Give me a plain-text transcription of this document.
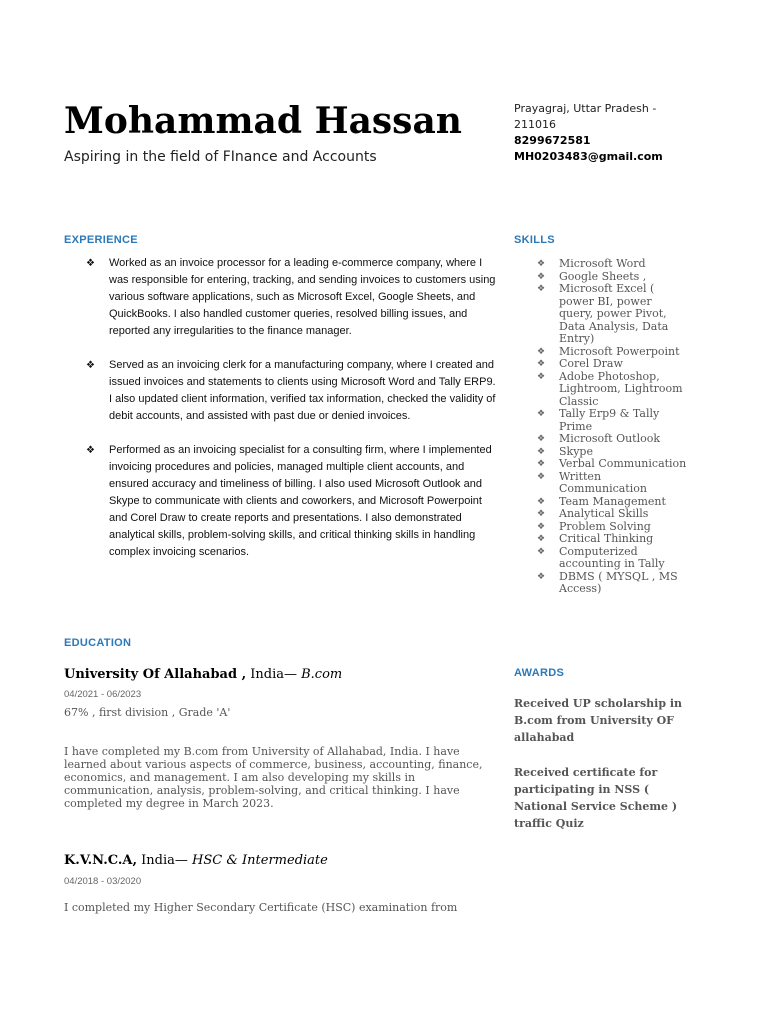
Mohammad Hassan
Aspiring in the field of FInance and Accounts
Prayagraj, Uttar Pradesh - 211016
8299672581
MH0203483@gmail.com
EXPERIENCE
❖ Worked as an invoice processor for a leading e-commerce company, where I was responsible for entering, tracking, and sending invoices to customers using various software applications, such as Microsoft Excel, Google Sheets, and QuickBooks. I also handled customer queries, resolved billing issues, and reported any irregularities to the finance manager.
❖ Served as an invoicing clerk for a manufacturing company, where I created and issued invoices and statements to clients using Microsoft Word and Tally ERP9. I also updated client information, verified tax information, checked the validity of debit accounts, and assisted with past due or denied invoices.
❖ Performed as an invoicing specialist for a consulting firm, where I implemented invoicing procedures and policies, managed multiple client accounts, and ensured accuracy and timeliness of billing. I also used Microsoft Outlook and Skype to communicate with clients and coworkers, and Microsoft Powerpoint and Corel Draw to create reports and presentations. I also demonstrated analytical skills, problem-solving skills, and critical thinking skills in handling complex invoicing scenarios.
SKILLS
❖ Microsoft Word
❖ Google Sheets ,
❖ Microsoft Excel ( power BI, power query, power Pivot, Data Analysis, Data Entry)
❖ Microsoft Powerpoint
❖ Corel Draw
❖ Adobe Photoshop, Lightroom, Lightroom Classic
❖ Tally Erp9 & Tally Prime
❖ Microsoft Outlook
❖ Skype
❖ Verbal Communication
❖ Written Communication
❖ Team Management
❖ Analytical Skills
❖ Problem Solving
❖ Critical Thinking
❖ Computerized accounting in Tally
❖ DBMS ( MYSQL , MS Access)
EDUCATION
University Of Allahabad , India— B.com
04/2021 - 06/2023
67% , first division , Grade 'A'
I have completed my B.com from University of Allahabad, India. I have learned about various aspects of commerce, business, accounting, finance, economics, and management. I am also developing my skills in communication, analysis, problem-solving, and critical thinking. I have completed my degree in March 2023.
K.V.N.C.A, India— HSC & Intermediate
04/2018 - 03/2020
I completed my Higher Secondary Certificate (HSC) examination from
AWARDS
Received UP scholarship in B.com from University OF allahabad
Received certificate for participating in NSS ( National Service Scheme ) traffic Quiz
